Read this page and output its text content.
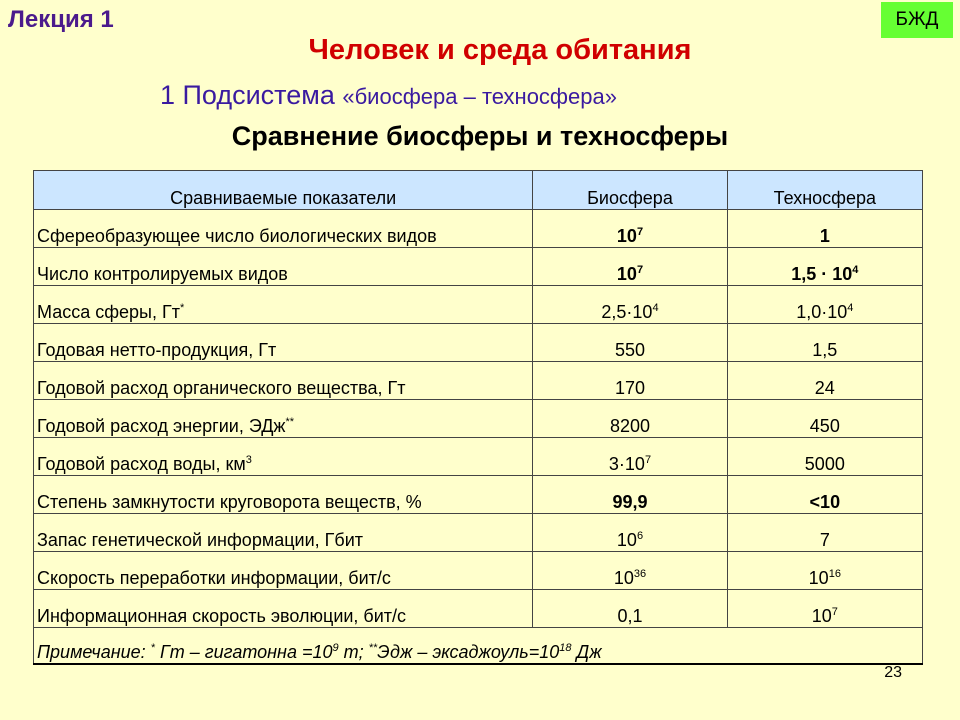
Лекция 1	БЖД
Человек и среда обитания
1 Подсистема «биосфера – техносфера»
Сравнение биосферы и техносферы
Сравниваемые показатели	Биосфера	Техносфера
Сфереобразующее число биологических видов	$10^7$	1
Число контролируемых видов	$10^7$	$1,5 \cdot 10^4$
Масса сферы, Гт*	$2,5\cdot 10^4$	$1,0\cdot 10^4$
Годовая нетто-продукция, Гт	550	1,5
Годовой расход органического вещества, Гт	170	24
Годовой расход энергии, ЭДж**	8200	450
Годовой расход воды, $км^3$	$3\cdot 10^7$	5000
Степень замкнутости круговорота веществ, %	99,9	<10
Запас генетической информации, Гбит	$10^6$	7
Скорость переработки информации, бит/с	$10^{36}$	$10^{16}$
Информационная скорость эволюции, бит/с	0,1	$10^7$
Примечание: * Гт – гигатонна $=10^9$ т; $^{**}Эдж - эксаджоуль=10^{18}$ Дж		
23
